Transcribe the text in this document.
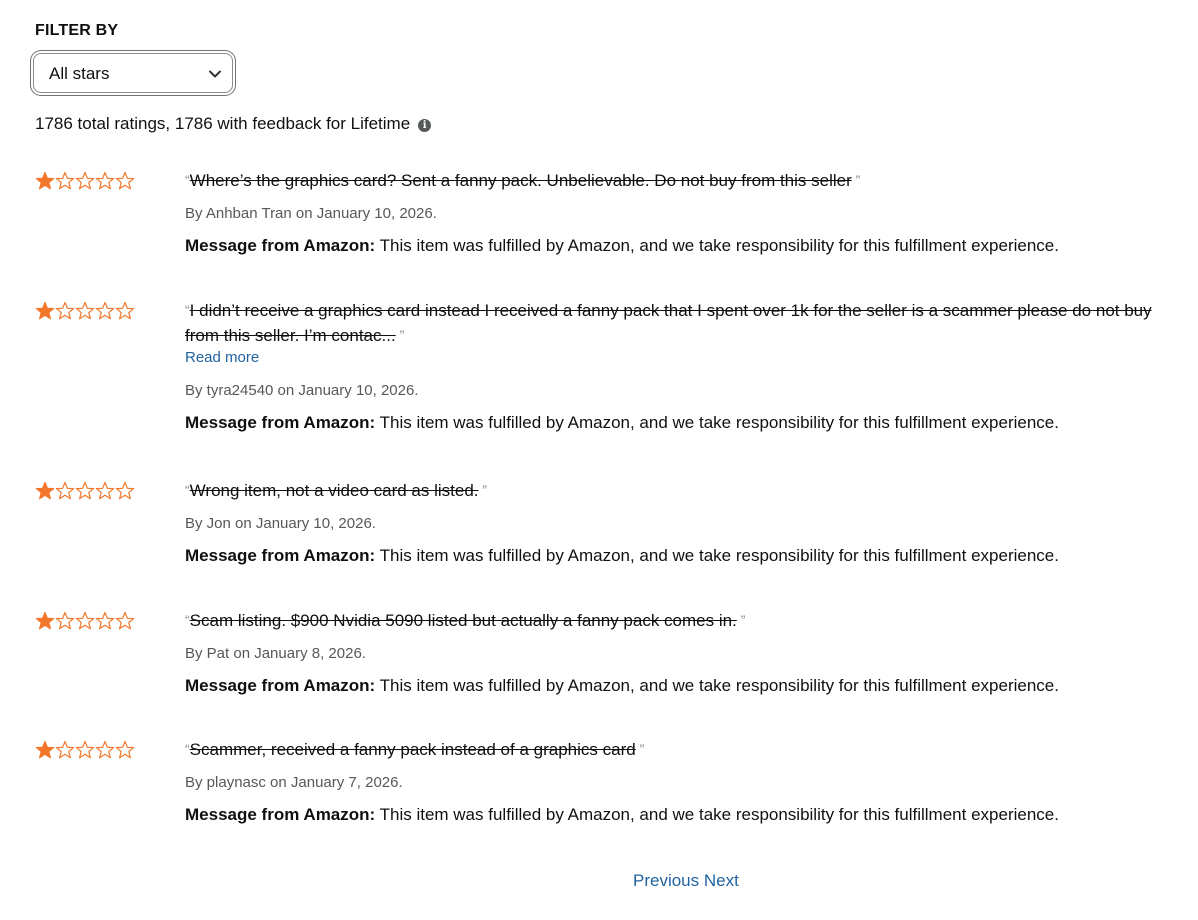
FILTER BY
All stars
1786 total ratings, 1786 with feedback for Lifetime	i
“Where’s the graphics card? Sent a fanny pack. Unbelievable. Do not buy from this seller ”
By Anhban Tran on January 10, 2026.
Message from Amazon: This item was fulfilled by Amazon, and we take responsibility for this fulfillment experience.
“I didn’t receive a graphics card instead I received a fanny pack that I spent over 1k for the seller is a scammer please do not buy from this seller. I’m contac... ”
Read more
By tyra24540 on January 10, 2026.
Message from Amazon: This item was fulfilled by Amazon, and we take responsibility for this fulfillment experience.
“Wrong item, not a video card as listed. ”
By Jon on January 10, 2026.
Message from Amazon: This item was fulfilled by Amazon, and we take responsibility for this fulfillment experience.
“Scam listing. $900 Nvidia 5090 listed but actually a fanny pack comes in. ”
By Pat on January 8, 2026.
Message from Amazon: This item was fulfilled by Amazon, and we take responsibility for this fulfillment experience.
“Scammer, received a fanny pack instead of a graphics card ”
By playnasc on January 7, 2026.
Message from Amazon: This item was fulfilled by Amazon, and we take responsibility for this fulfillment experience.
Previous Next
